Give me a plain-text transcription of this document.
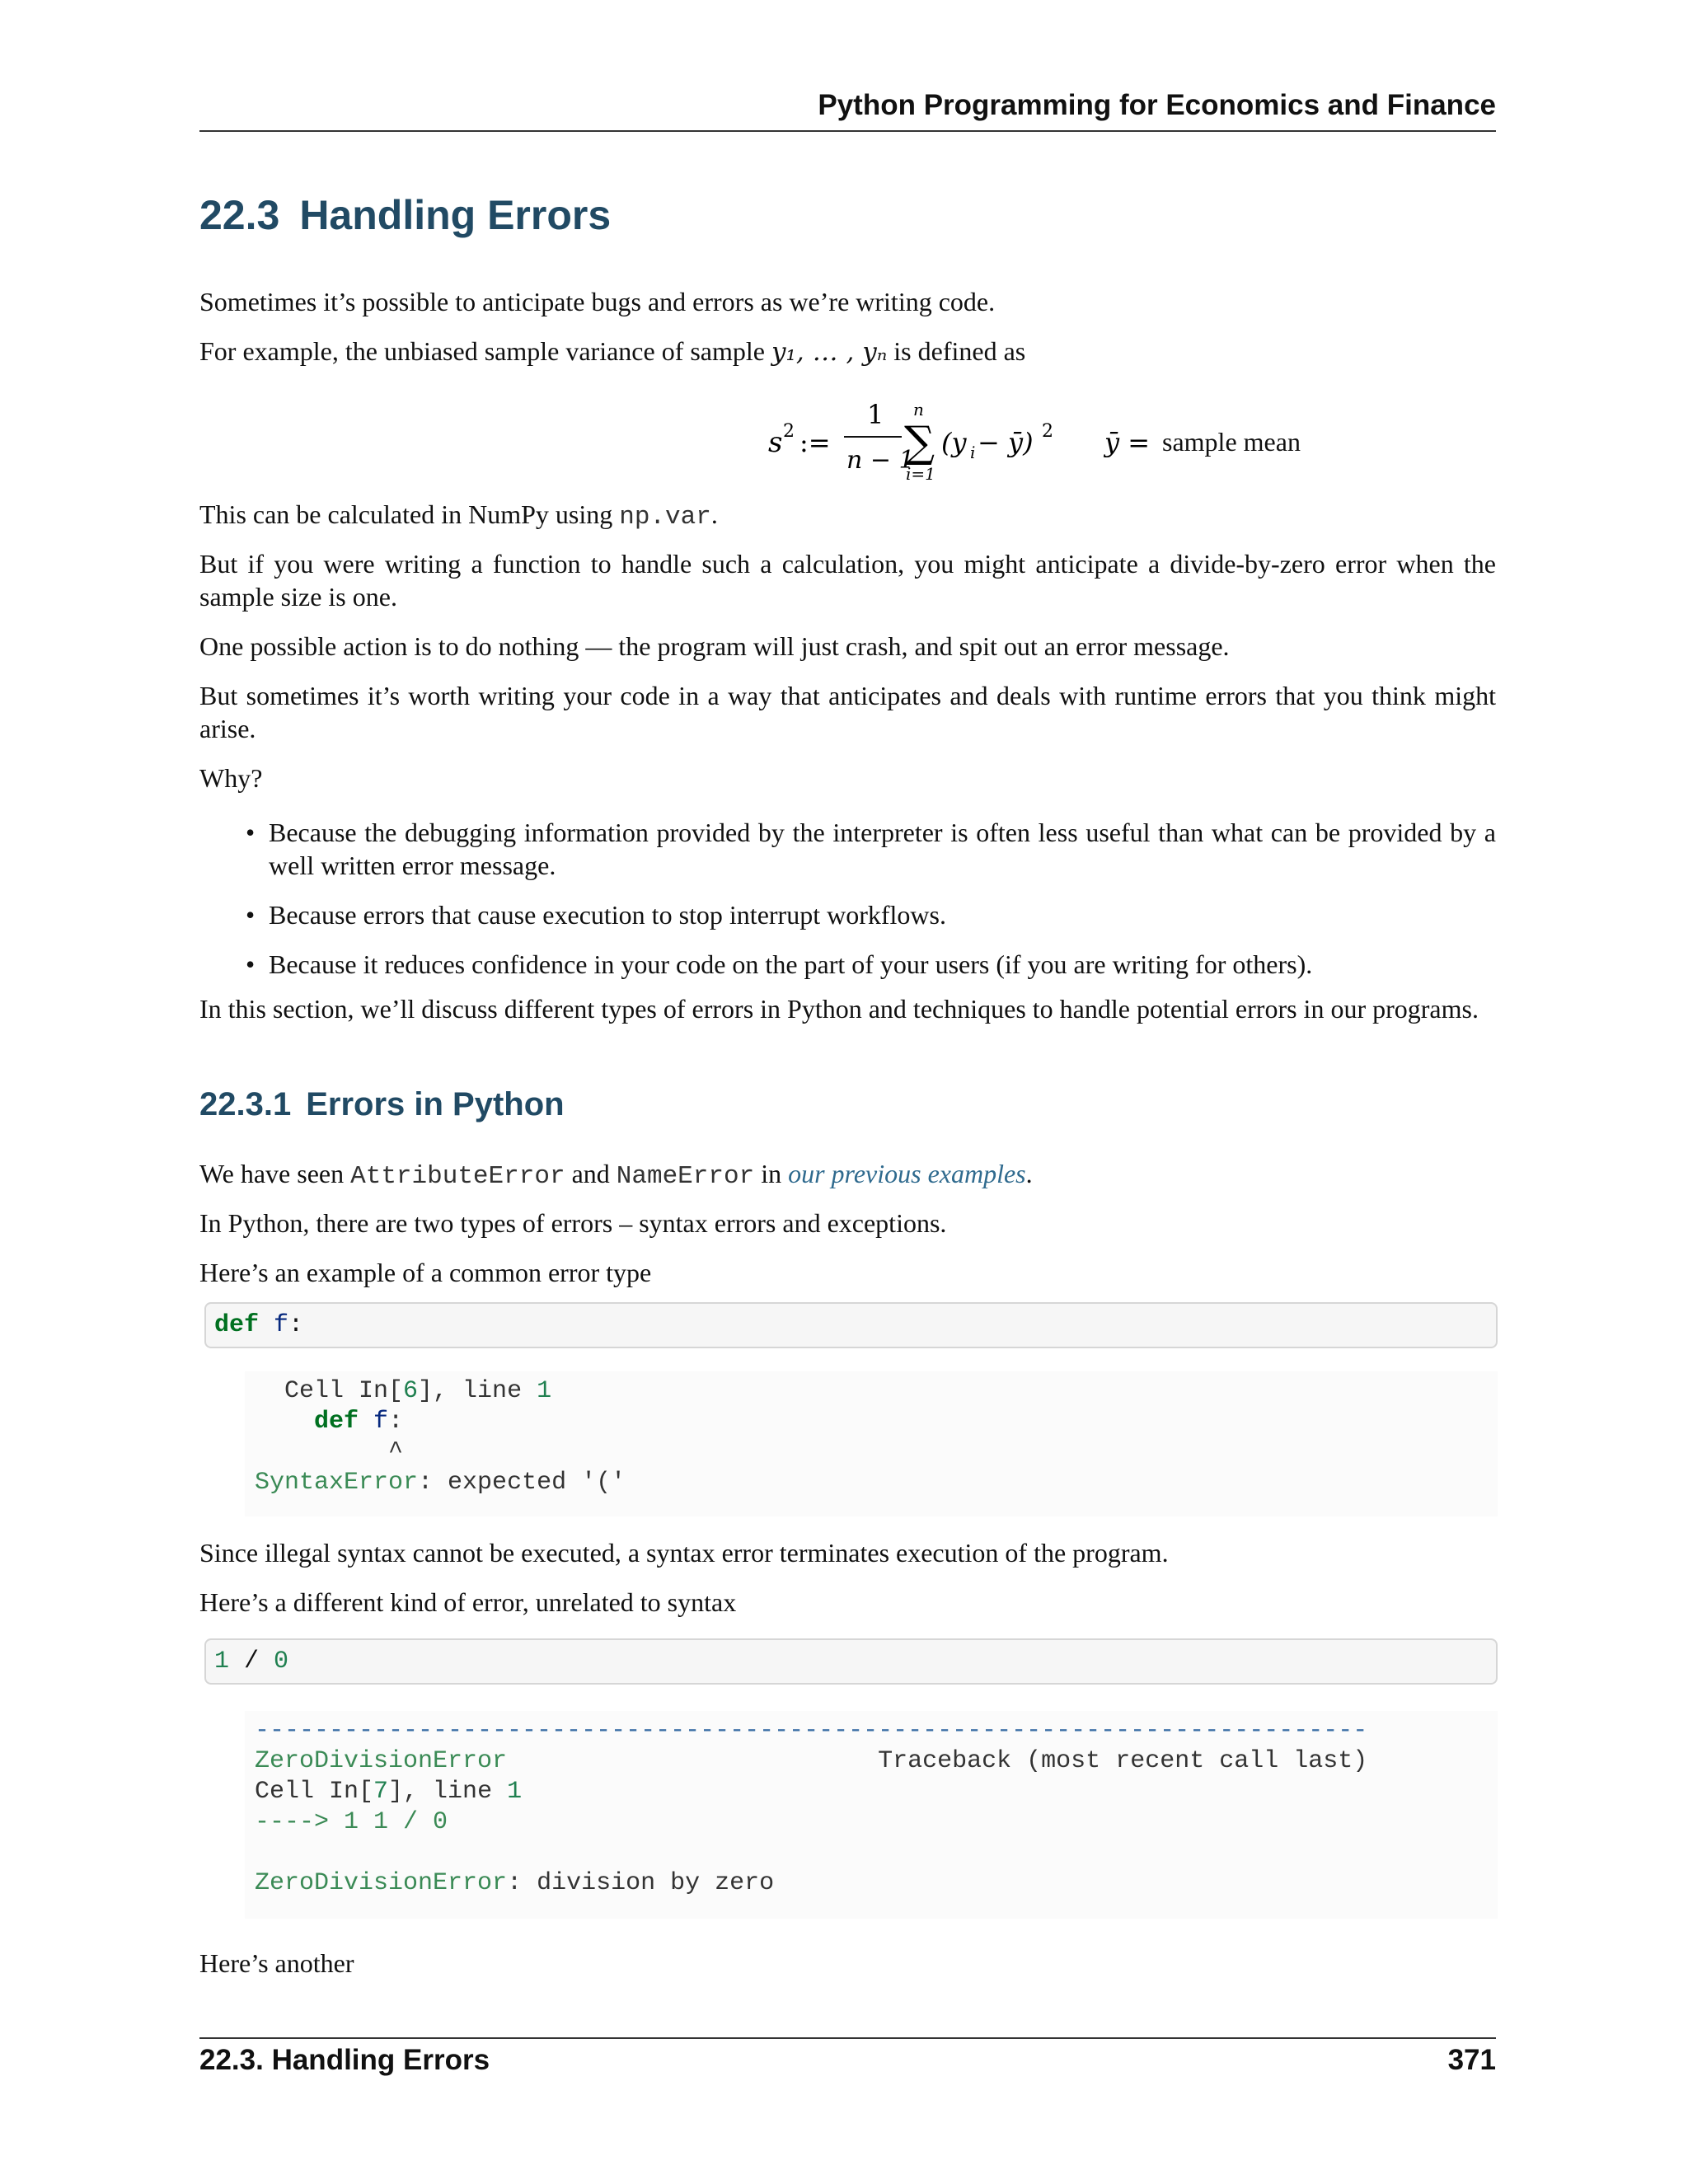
Python Programming for Economics and Finance
22.3 Handling Errors

Sometimes it’s possible to anticipate bugs and errors as we’re writing code.

For example, the unbiased sample variance of sample y₁, … , yₙ is defined as

s 2 :=
1
n − 1
n
∑
i=1
(y i − ȳ) 2 ȳ = sample mean

This can be calculated in NumPy using np.var.

But if you were writing a function to handle such a calculation, you might anticipate a divide-by-zero error when the sample size is one.

One possible action is to do nothing — the program will just crash, and spit out an error message.

But sometimes it’s worth writing your code in a way that anticipates and deals with runtime errors that you think might arise.

Why?

• Because the debugging information provided by the interpreter is often less useful than what can be provided by a well written error message.
• Because errors that cause execution to stop interrupt workflows.
• Because it reduces confidence in your code on the part of your users (if you are writing for others).

In this section, we’ll discuss different types of errors in Python and techniques to handle potential errors in our programs.

22.3.1 Errors in Python

We have seen AttributeError and NameError in our previous examples.

In Python, there are two types of errors – syntax errors and exceptions.

Here’s an example of a common error type

def f:
Cell In[6], line 1
def f:
^
SyntaxError: expected '('

Since illegal syntax cannot be executed, a syntax error terminates execution of the program.

Here’s a different kind of error, unrelated to syntax

1 / 0
---------------------------------------------------------------------------
ZeroDivisionError	Traceback (most recent call last)
Cell In[7], line 1
----> 1 1 / 0

ZeroDivisionError: division by zero

Here’s another

22.3. Handling Errors	371
